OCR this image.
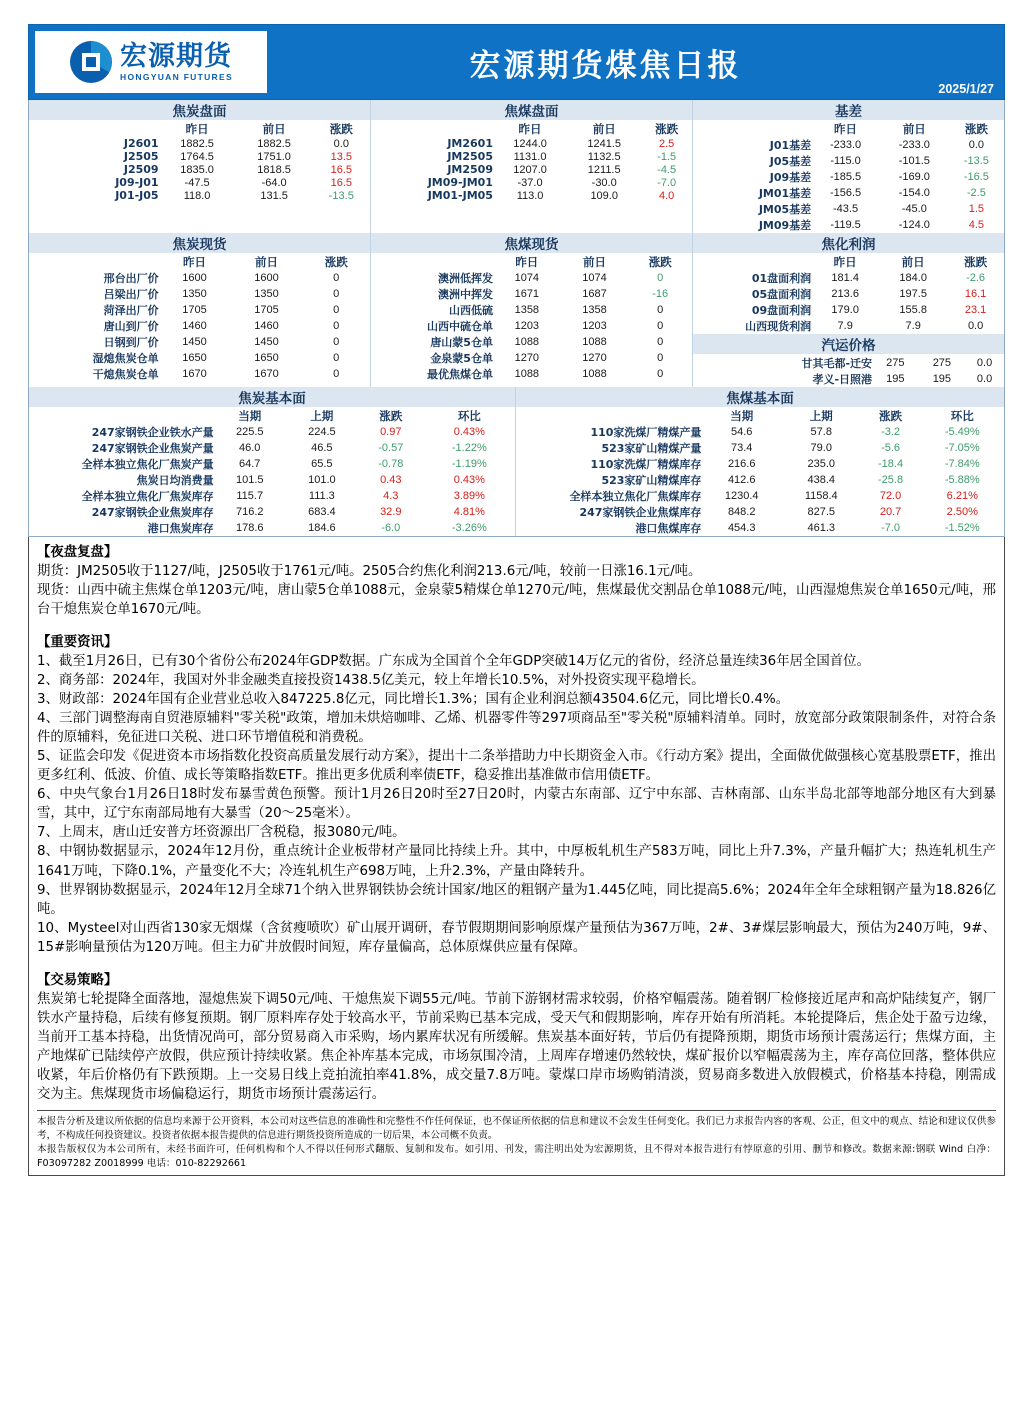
宏源期货
HONGYUAN FUTURES	宏源期货煤焦日报
2025/1/27
焦炭盘面			
	昨日	前日	涨跌
J2601	1882.5	1882.5	0.0
J2505	1764.5	1751.0	13.5
J2509	1835.0	1818.5	16.5
J09-J01	-47.5	-64.0	16.5
J01-J05	118.0	131.5	-13.5

焦煤盘面			
	昨日	前日	涨跌
JM2601	1244.0	1241.5	2.5
JM2505	1131.0	1132.5	-1.5
JM2509	1207.0	1211.5	-4.5
JM09-JM01	-37.0	-30.0	-7.0
JM01-JM05	113.0	109.0	4.0

基差			
	昨日	前日	涨跌
J01基差	-233.0	-233.0	0.0
J05基差	-115.0	-101.5	-13.5
J09基差	-185.5	-169.0	-16.5
JM01基差	-156.5	-154.0	-2.5
JM05基差	-43.5	-45.0	1.5
JM09基差	-119.5	-124.0	4.5
焦炭现货			
	昨日	前日	涨跌
邢台出厂价	1600	1600	0
吕梁出厂价	1350	1350	0
菏泽出厂价	1705	1705	0
唐山到厂价	1460	1460	0
日钢到厂价	1450	1450	0
湿熄焦炭仓单	1650	1650	0
干熄焦炭仓单	1670	1670	0
焦煤现货			
	昨日	前日	涨跌
澳洲低挥发	1074	1074	0
澳洲中挥发	1671	1687	-16
山西低硫	1358	1358	0
山西中硫仓单	1203	1203	0
唐山蒙5仓单	1088	1088	0
金泉蒙5仓单	1270	1270	0
最优焦煤仓单	1088	1088	0
焦化利润			
	昨日	前日	涨跌
01盘面利润	181.4	184.0	-2.6
05盘面利润	213.6	197.5	16.1
09盘面利润	179.0	155.8	23.1
山西现货利润	7.9	7.9	0.0
汽运价格			
甘其毛都-迁安	275	275	0.0
孝义-日照港	195	195	0.0
焦炭基本面				
	当期	上期	涨跌	环比
247家钢铁企业铁水产量	225.5	224.5	0.97	0.43%
247家钢铁企业焦炭产量	46.0	46.5	-0.57	-1.22%
全样本独立焦化厂焦炭产量	64.7	65.5	-0.78	-1.19%
焦炭日均消费量	101.5	101.0	0.43	0.43%
全样本独立焦化厂焦炭库存	115.7	111.3	4.3	3.89%
247家钢铁企业焦炭库存	716.2	683.4	32.9	4.81%
港口焦炭库存	178.6	184.6	-6.0	-3.26%
焦煤基本面				
	当期	上期	涨跌	环比
110家洗煤厂精煤产量	54.6	57.8	-3.2	-5.49%
523家矿山精煤产量	73.4	79.0	-5.6	-7.05%
110家洗煤厂精煤库存	216.6	235.0	-18.4	-7.84%
523家矿山精煤库存	412.6	438.4	-25.8	-5.88%
全样本独立焦化厂焦煤库存	1230.4	1158.4	72.0	6.21%
247家钢铁企业焦煤库存	848.2	827.5	20.7	2.50%
港口焦煤库存	454.3	461.3	-7.0	-1.52%

【夜盘复盘】

期货：JM2505收于1127/吨，J2505收于1761元/吨。2505合约焦化利润213.6元/吨，较前一日涨16.1元/吨。

现货：山西中硫主焦煤仓单1203元/吨，唐山蒙5仓单1088元，金泉蒙5精煤仓单1270元/吨，焦煤最优交割品仓单1088元/吨，山西湿熄焦炭仓单1650元/吨，邢台干熄焦炭仓单1670元/吨。

【重要资讯】

1、截至1月26日，已有30个省份公布2024年GDP数据。广东成为全国首个全年GDP突破14万亿元的省份，经济总量连续36年居全国首位。

2、商务部：2024年，我国对外非金融类直接投资1438.5亿美元，较上年增长10.5%，对外投资实现平稳增长。

3、财政部：2024年国有企业营业总收入847225.8亿元，同比增长1.3%；国有企业利润总额43504.6亿元，同比增长0.4%。

4、三部门调整海南自贸港原辅料"零关税"政策，增加未烘焙咖啡、乙烯、机器零件等297项商品至"零关税"原辅料清单。同时，放宽部分政策限制条件，对符合条件的原辅料，免征进口关税、进口环节增值税和消费税。

5、证监会印发《促进资本市场指数化投资高质量发展行动方案》，提出十二条举措助力中长期资金入市。《行动方案》提出，全面做优做强核心宽基股票ETF，推出更多红利、低波、价值、成长等策略指数ETF。推出更多优质利率债ETF，稳妥推出基准做市信用债ETF。

6、中央气象台1月26日18时发布暴雪黄色预警。预计1月26日20时至27日20时，内蒙古东南部、辽宁中东部、吉林南部、山东半岛北部等地部分地区有大到暴雪，其中，辽宁东南部局地有大暴雪（20～25毫米）。

7、上周末，唐山迁安普方坯资源出厂含税稳，报3080元/吨。

8、中钢协数据显示，2024年12月份，重点统计企业板带材产量同比持续上升。其中，中厚板轧机生产583万吨，同比上升7.3%，产量升幅扩大；热连轧机生产1641万吨，下降0.1%，产量变化不大；冷连轧机生产698万吨，上升2.3%，产量由降转升。

9、世界钢协数据显示，2024年12月全球71个纳入世界钢铁协会统计国家/地区的粗钢产量为1.445亿吨，同比提高5.6%；2024年全年全球粗钢产量为18.826亿吨。

10、Mysteel对山西省130家无烟煤（含贫瘦喷吹）矿山展开调研，春节假期期间影响原煤产量预估为367万吨，2#、3#煤层影响最大，预估为240万吨，9#、15#影响量预估为120万吨。但主力矿井放假时间短，库存量偏高，总体原煤供应量有保障。

【交易策略】

焦炭第七轮提降全面落地，湿熄焦炭下调50元/吨、干熄焦炭下调55元/吨。节前下游钢材需求较弱，价格窄幅震荡。随着钢厂检修接近尾声和高炉陆续复产，钢厂铁水产量持稳，后续有修复预期。钢厂原料库存处于较高水平，节前采购已基本完成，受天气和假期影响，库存开始有所消耗。本轮提降后，焦企处于盈亏边缘，当前开工基本持稳，出货情况尚可，部分贸易商入市采购，场内累库状况有所缓解。焦炭基本面好转，节后仍有提降预期，期货市场预计震荡运行；焦煤方面，主产地煤矿已陆续停产放假，供应预计持续收紧。焦企补库基本完成，市场氛围冷清，上周库存增速仍然较快，煤矿报价以窄幅震荡为主，库存高位回落，整体供应收紧，年后价格仍有下跌预期。上一交易日线上竞拍流拍率41.8%，成交量7.8万吨。蒙煤口岸市场购销清淡，贸易商多数进入放假模式，价格基本持稳，刚需成交为主。焦煤现货市场偏稳运行，期货市场预计震荡运行。

本报告分析及建议所依据的信息均来源于公开资料，本公司对这些信息的准确性和完整性不作任何保证，也不保证所依据的信息和建议不会发生任何变化。我们已力求报告内容的客观、公正，但文中的观点、结论和建议仅供参考，不构成任何投资建议。投资者依据本报告提供的信息进行期货投资所造成的一切后果，本公司概不负责。

本报告版权仅为本公司所有，未经书面许可，任何机构和个人不得以任何形式翻版、复制和发布。如引用、刊发，需注明出处为宏源期货，且不得对本报告进行有悖原意的引用、删节和修改。数据来源:钢联 Wind 白净：F03097282 Z0018999 电话：010-82292661
